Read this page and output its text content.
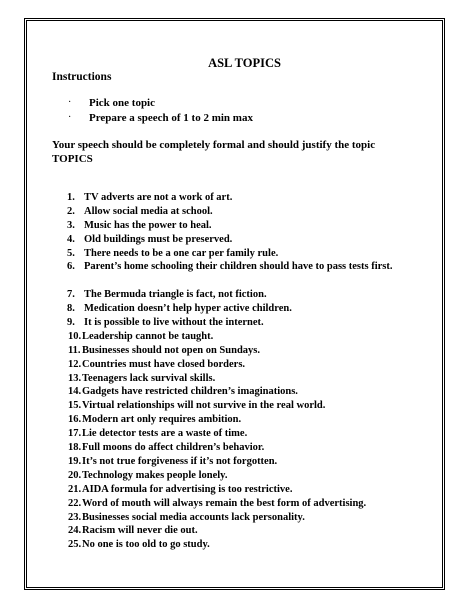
ASL TOPICS
Instructions
· Pick one topic
· Prepare a speech of 1 to 2 min max
Your speech should be completely formal and should justify the topic
TOPICS
1. TV adverts are not a work of art.
2. Allow social media at school.
3. Music has the power to heal.
4. Old buildings must be preserved.
5. There needs to be a one car per family rule.
6. Parent’s home schooling their children should have to pass tests first.
7. The Bermuda triangle is fact, not fiction.
8. Medication doesn’t help hyper active children.
9. It is possible to live without the internet.
10. Leadership cannot be taught.
11. Businesses should not open on Sundays.
12. Countries must have closed borders.
13. Teenagers lack survival skills.
14. Gadgets have restricted children’s imaginations.
15. Virtual relationships will not survive in the real world.
16. Modern art only requires ambition.
17. Lie detector tests are a waste of time.
18. Full moons do affect children’s behavior.
19. It’s not true forgiveness if it’s not forgotten.
20. Technology makes people lonely.
21. AIDA formula for advertising is too restrictive.
22. Word of mouth will always remain the best form of advertising.
23. Businesses social media accounts lack personality.
24. Racism will never die out.
25. No one is too old to go study.
